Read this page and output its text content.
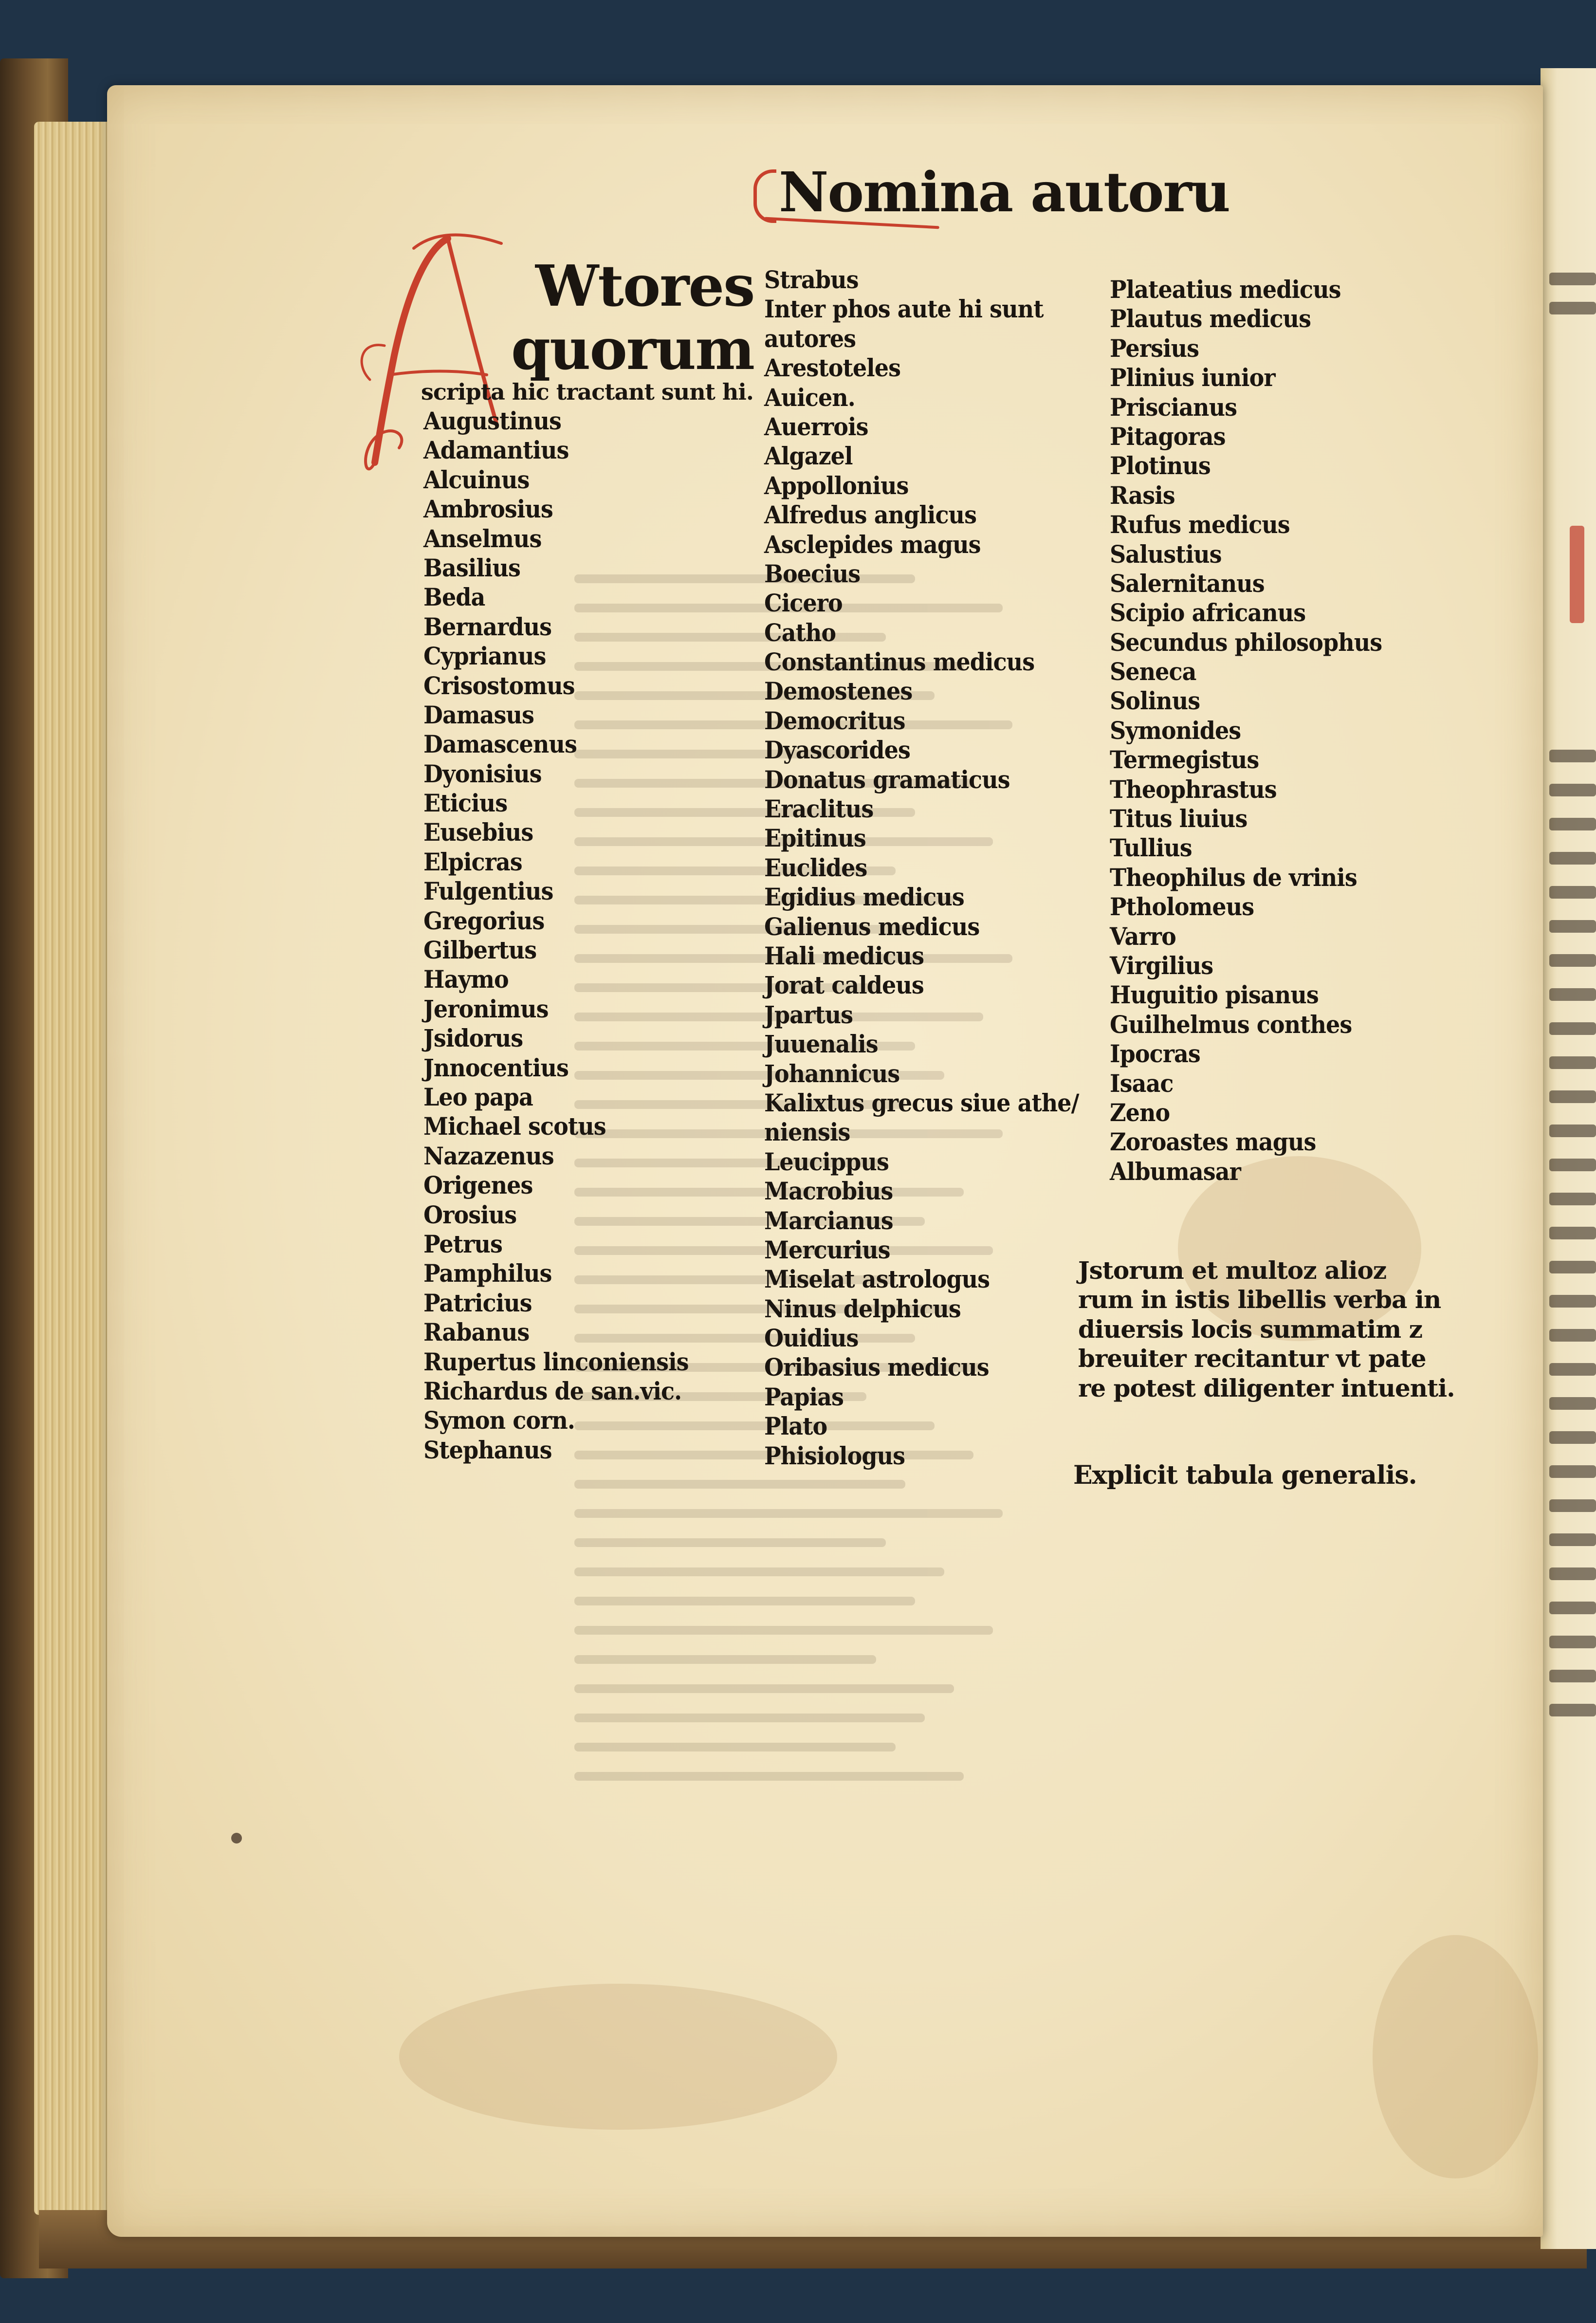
Nomina autoru
Wtores
quorum
scripta hic tractant sunt hi.
Augustinus
Adamantius
Alcuinus
Ambrosius
Anselmus
Basilius
Beda
Bernardus
Cyprianus
Crisostomus
Damasus
Damascenus
Dyonisius
Eticius
Eusebius
Elpicras
Fulgentius
Gregorius
Gilbertus
Haymo
Jeronimus
Jsidorus
Jnnocentius
Leo papa
Michael scotus
Nazazenus
Origenes
Orosius
Petrus
Pamphilus
Patricius
Rabanus
Rupertus linconiensis
Richardus de san.vic.
Symon corn.
Stephanus
Strabus
Inter phos aute hi sunt
autores
Arestoteles
Auicen.
Auerrois
Algazel
Appollonius
Alfredus anglicus
Asclepides magus
Boecius
Cicero
Catho
Constantinus medicus
Demostenes
Democritus
Dyascorides
Donatus gramaticus
Eraclitus
Epitinus
Euclides
Egidius medicus
Galienus medicus
Hali medicus
Jorat caldeus
Jpartus
Juuenalis
Johannicus
Kalixtus grecus siue athe/
niensis
Leucippus
Macrobius
Marcianus
Mercurius
Miselat astrologus
Ninus delphicus
Ouidius
Oribasius medicus
Papias
Plato
Phisiologus
Plateatius medicus
Plautus medicus
Persius
Plinius iunior
Priscianus
Pitagoras
Plotinus
Rasis
Rufus medicus
Salustius
Salernitanus
Scipio africanus
Secundus philosophus
Seneca
Solinus
Symonides
Termegistus
Theophrastus
Titus liuius
Tullius
Theophilus de vrinis
Ptholomeus
Varro
Virgilius
Huguitio pisanus
Guilhelmus conthes
Ipocras
Isaac
Zeno
Zoroastes magus
Albumasar
Jstorum et multoz alioz
rum in istis libellis verba in
diuersis locis summatim z
breuiter recitantur vt pate
re potest diligenter intuenti.
Explicit tabula generalis.
